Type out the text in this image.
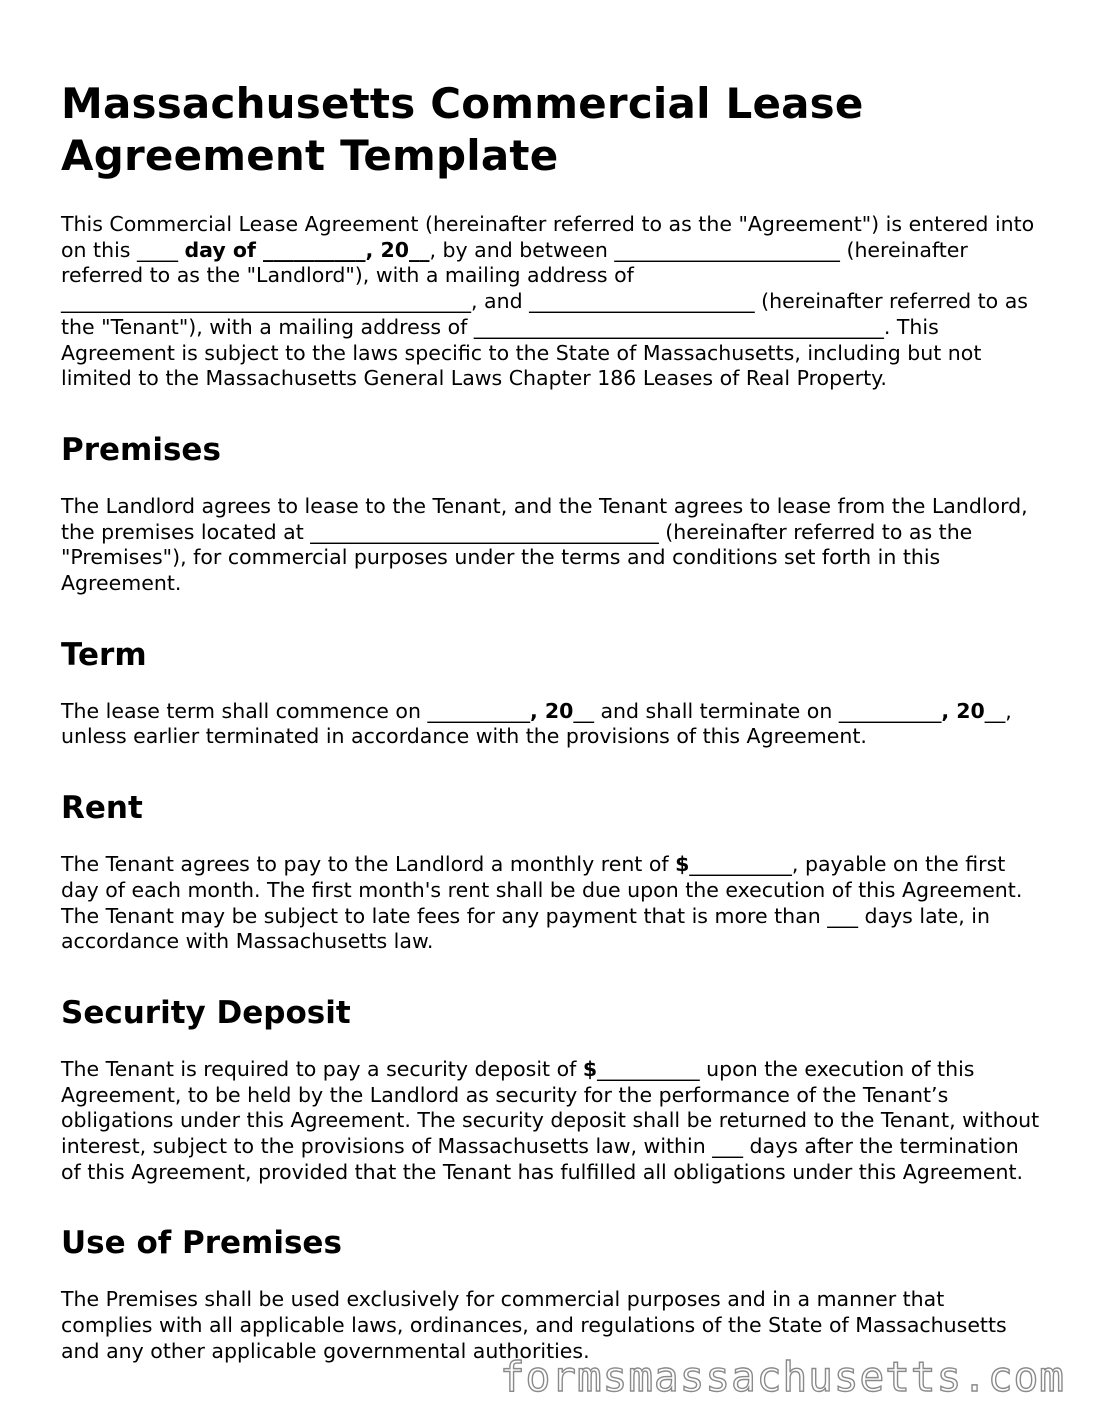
Massachusetts Commercial Lease Agreement Template

This Commercial Lease Agreement (hereinafter referred to as the "Agreement") is entered into on this ____ day of __________, 20__, by and between ______________________ (hereinafter referred to as the "Landlord"), with a mailing address of ________________________________________, and ______________________ (hereinafter referred to as the "Tenant"), with a mailing address of ________________________________________. This Agreement is subject to the laws specific to the State of Massachusetts, including but not limited to the Massachusetts General Laws Chapter 186 Leases of Real Property.

Premises

The Landlord agrees to lease to the Tenant, and the Tenant agrees to lease from the Landlord, the premises located at __________________________________ (hereinafter referred to as the "Premises"), for commercial purposes under the terms and conditions set forth in this Agreement.

Term

The lease term shall commence on __________, 20__ and shall terminate on __________, 20__, unless earlier terminated in accordance with the provisions of this Agreement.

Rent

The Tenant agrees to pay to the Landlord a monthly rent of $__________, payable on the first day of each month. The first month's rent shall be due upon the execution of this Agreement. The Tenant may be subject to late fees for any payment that is more than ___ days late, in accordance with Massachusetts law.

Security Deposit

The Tenant is required to pay a security deposit of $__________ upon the execution of this Agreement, to be held by the Landlord as security for the performance of the Tenant’s obligations under this Agreement. The security deposit shall be returned to the Tenant, without interest, subject to the provisions of Massachusetts law, within ___ days after the termination of this Agreement, provided that the Tenant has fulfilled all obligations under this Agreement.

Use of Premises

The Premises shall be used exclusively for commercial purposes and in a manner that complies with all applicable laws, ordinances, and regulations of the State of Massachusetts and any other applicable governmental authorities.

formsmassachusetts.com
